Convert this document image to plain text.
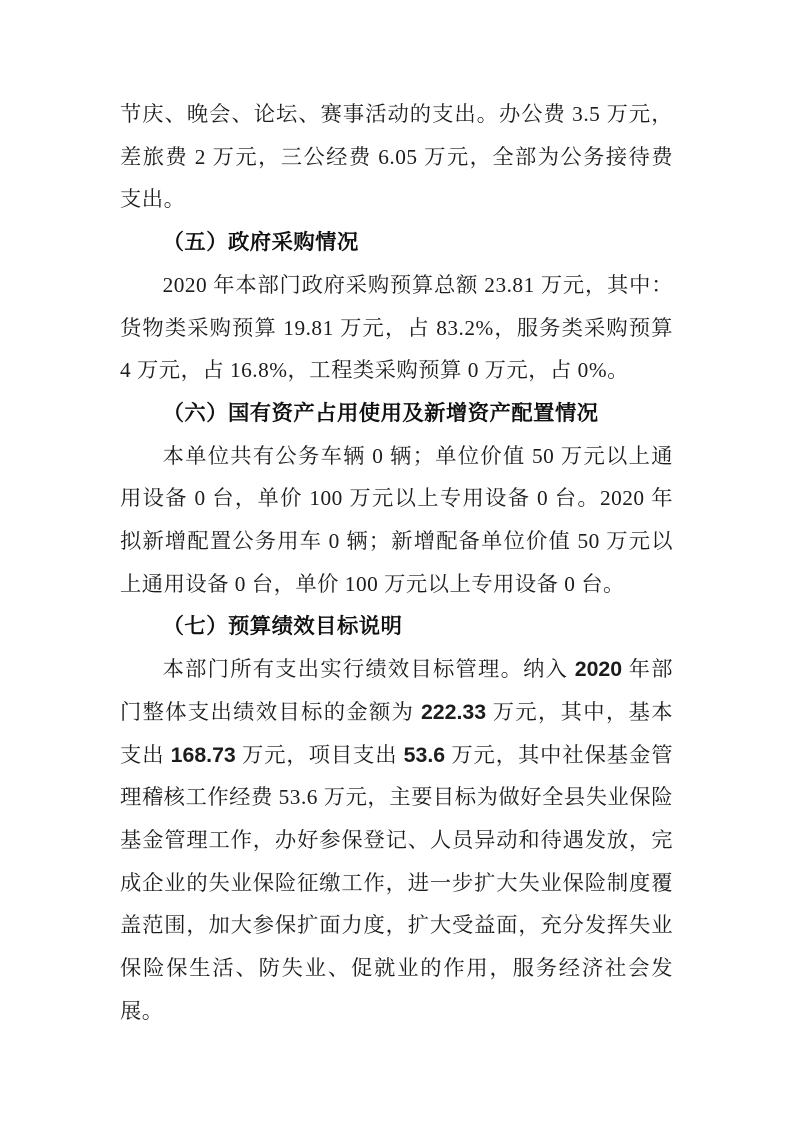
节庆、晚会、论坛、赛事活动的支出。办公费 3.5 万元，差旅费 2 万元，三公经费 6.05 万元，全部为公务接待费支出。

（五）政府采购情况

2020 年本部门政府采购预算总额 23.81 万元，其中：货物类采购预算 19.81 万元，占 83.2%，服务类采购预算 4 万元，占 16.8%，工程类采购预算 0 万元，占 0%。

（六）国有资产占用使用及新增资产配置情况

本单位共有公务车辆 0 辆；单位价值 50 万元以上通用设备 0 台，单价 100 万元以上专用设备 0 台。2020 年拟新增配置公务用车 0 辆；新增配备单位价值 50 万元以上通用设备 0 台，单价 100 万元以上专用设备 0 台。

（七）预算绩效目标说明

本部门所有支出实行绩效目标管理。纳入 2020 年部门整体支出绩效目标的金额为 222.33 万元，其中，基本支出 168.73 万元，项目支出 53.6 万元，其中社保基金管理稽核工作经费 53.6 万元，主要目标为做好全县失业保险基金管理工作，办好参保登记、人员异动和待遇发放，完成企业的失业保险征缴工作，进一步扩大失业保险制度覆盖范围，加大参保扩面力度，扩大受益面，充分发挥失业保险保生活、防失业、促就业的作用，服务经济社会发展。
